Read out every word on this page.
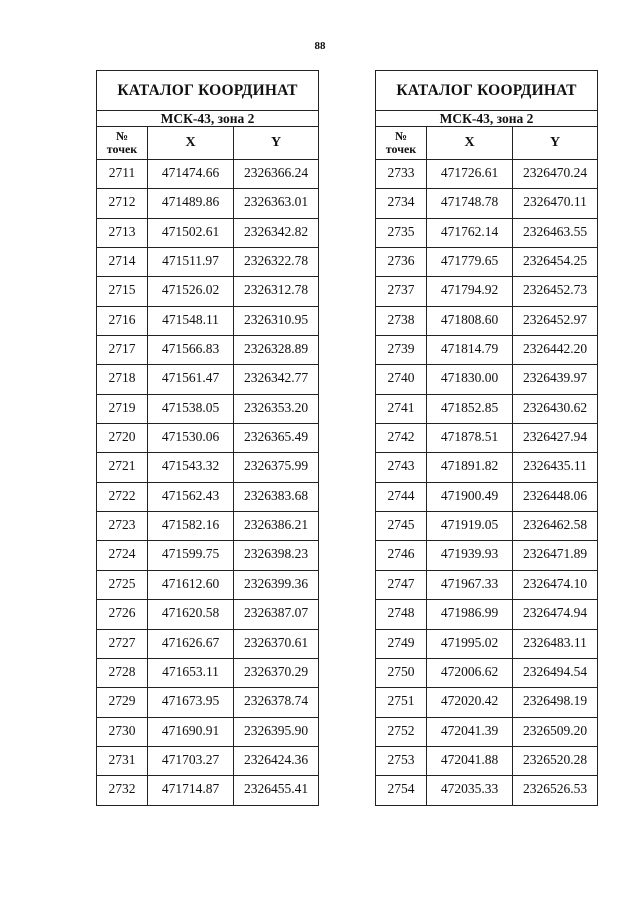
88
КАТАЛОГ КООРДИНАТ		
МСК-43, зона 2		
№
точек	X	Y
2711	471474.66	2326366.24
2712	471489.86	2326363.01
2713	471502.61	2326342.82
2714	471511.97	2326322.78
2715	471526.02	2326312.78
2716	471548.11	2326310.95
2717	471566.83	2326328.89
2718	471561.47	2326342.77
2719	471538.05	2326353.20
2720	471530.06	2326365.49
2721	471543.32	2326375.99
2722	471562.43	2326383.68
2723	471582.16	2326386.21
2724	471599.75	2326398.23
2725	471612.60	2326399.36
2726	471620.58	2326387.07
2727	471626.67	2326370.61
2728	471653.11	2326370.29
2729	471673.95	2326378.74
2730	471690.91	2326395.90
2731	471703.27	2326424.36
2732	471714.87	2326455.41
КАТАЛОГ КООРДИНАТ		
МСК-43, зона 2		
№
точек	X	Y
2733	471726.61	2326470.24
2734	471748.78	2326470.11
2735	471762.14	2326463.55
2736	471779.65	2326454.25
2737	471794.92	2326452.73
2738	471808.60	2326452.97
2739	471814.79	2326442.20
2740	471830.00	2326439.97
2741	471852.85	2326430.62
2742	471878.51	2326427.94
2743	471891.82	2326435.11
2744	471900.49	2326448.06
2745	471919.05	2326462.58
2746	471939.93	2326471.89
2747	471967.33	2326474.10
2748	471986.99	2326474.94
2749	471995.02	2326483.11
2750	472006.62	2326494.54
2751	472020.42	2326498.19
2752	472041.39	2326509.20
2753	472041.88	2326520.28
2754	472035.33	2326526.53
